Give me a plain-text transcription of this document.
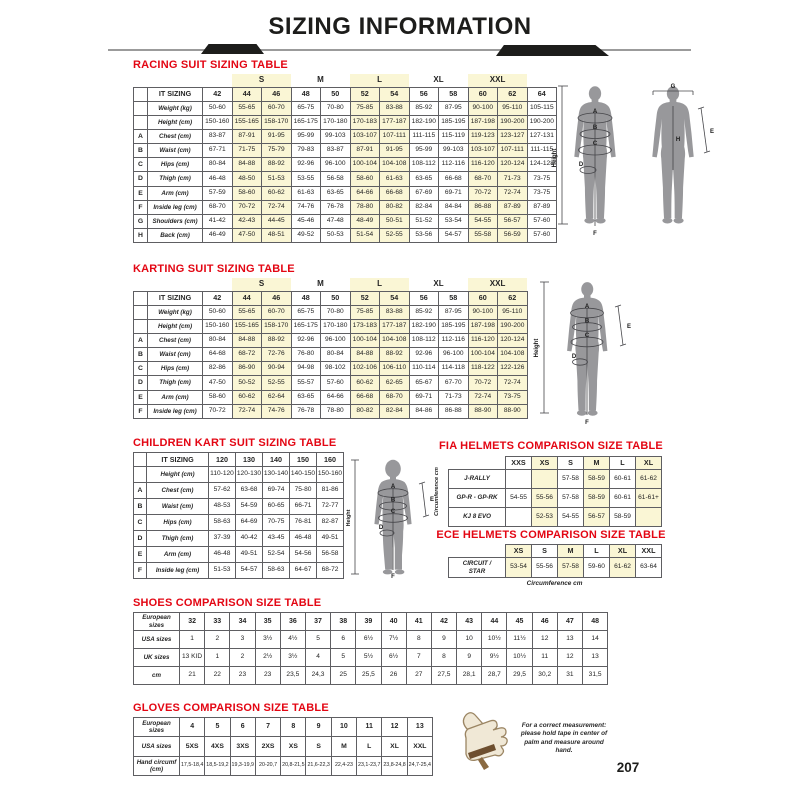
SIZING INFORMATION
RACING SUIT SIZING TABLE
			S		M		L		XL		XXL		
	IT SIZING	42	44	46	48	50	52	54	56	58	60	62	64
	Weight (kg)	50-60	55-65	60-70	65-75	70-80	75-85	83-88	85-92	87-95	90-100	95-110	105-115
	Height (cm)	150-160	155-165	158-170	165-175	170-180	170-183	177-187	182-190	185-195	187-198	190-200	190-200
A	Chest (cm)	83-87	87-91	91-95	95-99	99-103	103-107	107-111	111-115	115-119	119-123	123-127	127-131
B	Waist (cm)	67-71	71-75	75-79	79-83	83-87	87-91	91-95	95-99	99-103	103-107	107-111	111-115
C	Hips (cm)	80-84	84-88	88-92	92-96	96-100	100-104	104-108	108-112	112-116	116-120	120-124	124-128
D	Thigh (cm)	46-48	48-50	51-53	53-55	56-58	58-60	61-63	63-65	66-68	68-70	71-73	73-75
E	Arm (cm)	57-59	58-60	60-62	61-63	63-65	64-66	66-68	67-69	69-71	70-72	72-74	73-75
F	Inside leg (cm)	68-70	70-72	72-74	74-76	76-78	78-80	80-82	82-84	84-84	86-88	87-89	87-89
G	Shoulders (cm)	41-42	42-43	44-45	45-46	47-48	48-49	50-51	51-52	53-54	54-55	56-57	57-60
H	Back (cm)	46-49	47-50	48-51	49-52	50-53	51-54	52-55	53-56	54-57	55-58	56-59	57-60
Height
A
B
C
D
F
G
H
E
KARTING SUIT SIZING TABLE
			S		M		L		XL		XXL	
	IT SIZING	42	44	46	48	50	52	54	56	58	60	62
	Weight (kg)	50-60	55-65	60-70	65-75	70-80	75-85	83-88	85-92	87-95	90-100	95-110
	Height (cm)	150-160	155-165	158-170	165-175	170-180	173-183	177-187	182-190	185-195	187-198	190-200
A	Chest (cm)	80-84	84-88	88-92	92-96	96-100	100-104	104-108	108-112	112-116	116-120	120-124
B	Waist (cm)	64-68	68-72	72-76	76-80	80-84	84-88	88-92	92-96	96-100	100-104	104-108
C	Hips (cm)	82-86	86-90	90-94	94-98	98-102	102-106	106-110	110-114	114-118	118-122	122-126
D	Thigh (cm)	47-50	50-52	52-55	55-57	57-60	60-62	62-65	65-67	67-70	70-72	72-74
E	Arm (cm)	58-60	60-62	62-64	63-65	64-66	66-68	68-70	69-71	71-73	72-74	73-75
F	Inside leg (cm)	70-72	72-74	74-76	76-78	78-80	80-82	82-84	84-86	86-88	88-90	88-90
Height
A
B
C
D
E
F
CHILDREN KART SUIT SIZING TABLE
	IT SIZING	120	130	140	150	160
	Height (cm)	110-120	120-130	130-140	140-150	150-160
A	Chest (cm)	57-62	63-68	69-74	75-80	81-86
B	Waist (cm)	48-53	54-59	60-65	66-71	72-77
C	Hips (cm)	58-63	64-69	70-75	76-81	82-87
D	Thigh (cm)	37-39	40-42	43-45	46-48	49-51
E	Arm (cm)	46-48	49-51	52-54	54-56	56-58
F	Inside leg (cm)	51-53	54-57	58-63	64-67	68-72
Height
A
B
C
D
E
F
FIA HELMETS COMPARISON SIZE TABLE
Circumference cm
	XXS	XS	S	M	L	XL
J-RALLY			57-58	58-59	60-61	61-62
GP-R - GP-RK	54-55	55-56	57-58	58-59	60-61	61-61+
KJ 8 EVO		52-53	54-55	56-57	58-59	
ECE HELMETS COMPARISON SIZE TABLE
	XS	S	M	L	XL	XXL
CIRCUIT / STAR	53-54	55-56	57-58	59-60	61-62	63-64
Circumference cm
SHOES COMPARISON SIZE TABLE
European sizes	32	33	34	35	36	37	38	39	40	41	42	43	44	45	46	47	48
USA sizes	1	2	3	3½	4½	5	6	6½	7½	8	9	10	10½	11½	12	13	14
UK sizes	13 KID	1	2	2½	3½	4	5	5½	6½	7	8	9	9½	10½	11	12	13
cm	21	22	23	23	23,5	24,3	25	25,5	26	27	27,5	28,1	28,7	29,5	30,2	31	31,5
GLOVES COMPARISON SIZE TABLE
European sizes	4	5	6	7	8	9	10	11	12	13
USA sizes	5XS	4XS	3XS	2XS	XS	S	M	L	XL	XXL
Hand circumf (cm)	17,5-18,4	18,5-19,2	19,3-19,9	20-20,7	20,8-21,5	21,6-22,3	22,4-23	23,1-23,7	23,8-24,8	24,7-25,4
For a correct measurement: please hold tape in center of palm and measure around hand.
207
